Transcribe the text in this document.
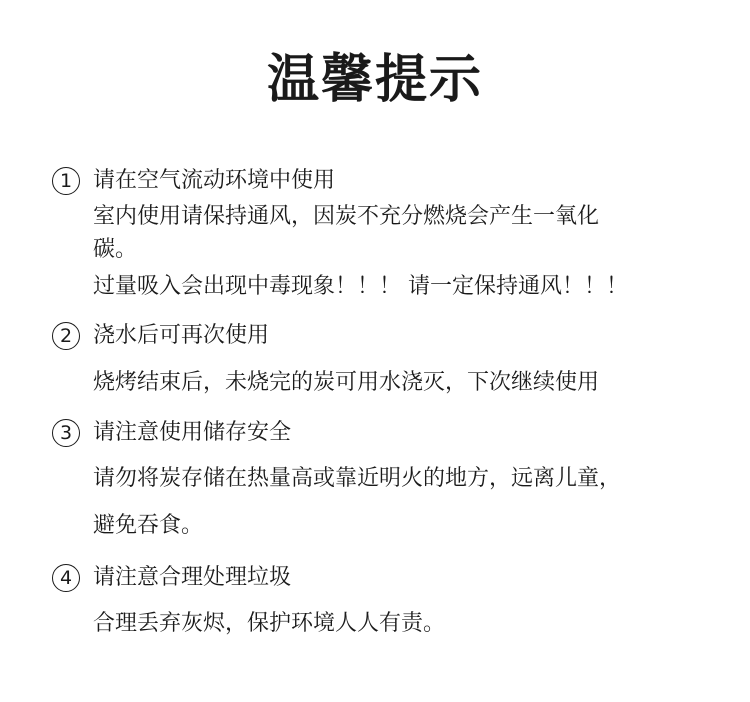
温馨提示
1 请在空气流动环境中使用
室内使用请保持通风，因炭不充分燃烧会产生一氧化
碳。
过量吸入会出现中毒现象！！！ 请一定保持通风！！！
2 浇水后可再次使用
烧烤结束后，未烧完的炭可用水浇灭，下次继续使用
3 请注意使用储存安全
请勿将炭存储在热量高或靠近明火的地方，远离儿童，
避免吞食。
4 请注意合理处理垃圾
合理丢弃灰烬，保护环境人人有责。
